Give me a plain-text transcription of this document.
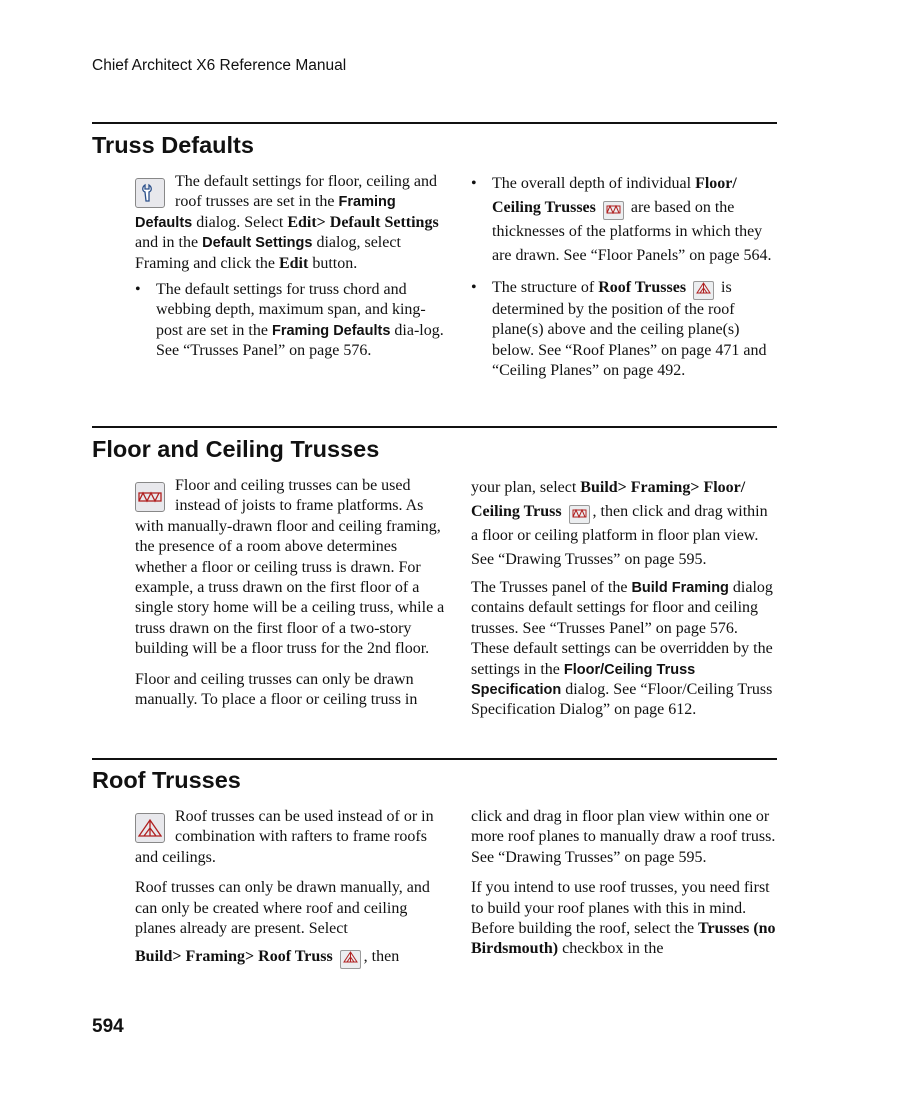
Chief Architect X6 Reference Manual
Truss Defaults

The default settings for floor, ceiling and roof trusses are set in the Framing Defaults dialog. Select Edit> Default Settings and in the Default Settings dialog, select Framing and click the Edit button.

• The default settings for truss chord and webbing depth, maximum span, and king-post are set in the Framing Defaults dia-log. See “Trusses Panel” on page 576.
• The overall depth of individual Floor/ Ceiling Trusses  are based on the thicknesses of the platforms in which they are drawn. See “Floor Panels” on page 564.
• The structure of Roof Trusses  is determined by the position of the roof plane(s) above and the ceiling plane(s) below. See “Roof Planes” on page 471 and “Ceiling Planes” on page 492.
Floor and Ceiling Trusses

Floor and ceiling trusses can be used instead of joists to frame platforms. As with manually-drawn floor and ceiling framing, the presence of a room above determines whether a floor or ceiling truss is drawn. For example, a truss drawn on the first floor of a single story home will be a ceiling truss, while a truss drawn on the first floor of a two-story building will be a floor truss for the 2nd floor.

Floor and ceiling trusses can only be drawn manually. To place a floor or ceiling truss in

your plan, select Build> Framing> Floor/ Ceiling Truss , then click and drag within a floor or ceiling platform in floor plan view. See “Drawing Trusses” on page 595.

The Trusses panel of the Build Framing dialog contains default settings for floor and ceiling trusses. See “Trusses Panel” on page 576. These default settings can be overridden by the settings in the Floor/Ceiling Truss Specification dialog. See “Floor/Ceiling Truss Specification Dialog” on page 612.

Roof Trusses

Roof trusses can be used instead of or in combination with rafters to frame roofs and ceilings.

Roof trusses can only be drawn manually, and can only be created where roof and ceiling planes already are present. Select

Build> Framing> Roof Truss , then

click and drag in floor plan view within one or more roof planes to manually draw a roof truss. See “Drawing Trusses” on page 595.

If you intend to use roof trusses, you need first to build your roof planes with this in mind. Before building the roof, select the Trusses (no Birdsmouth) checkbox in the

594
